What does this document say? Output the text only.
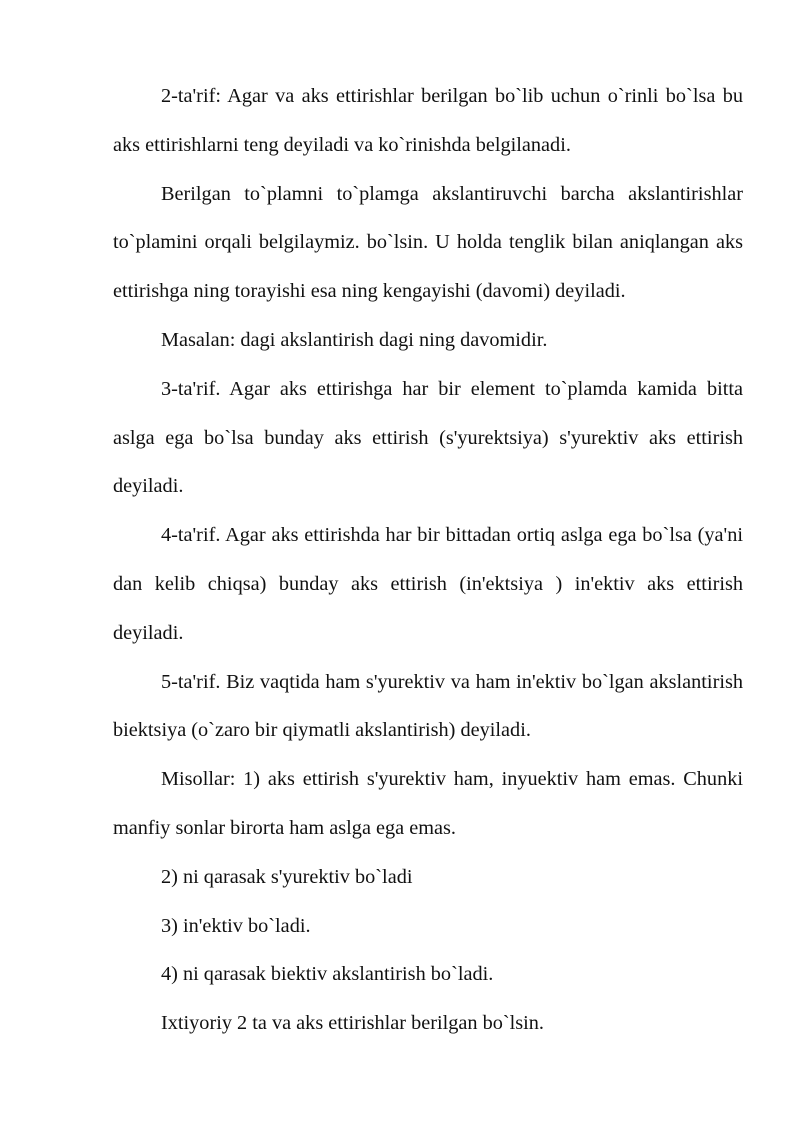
2-ta'rif: Agar va aks ettirishlar berilgan bo`lib uchun o`rinli bo`lsa bu aks ettirishlarni teng deyiladi va ko`rinishda belgilanadi.

Berilgan to`plamni to`plamga akslantiruvchi barcha akslantirishlar to`plamini orqali belgilaymiz. bo`lsin. U holda tenglik bilan aniqlangan aks ettirishga ning torayishi esa ning kengayishi (davomi) deyiladi.

Masalan: dagi akslantirish dagi ning davomidir.

3-ta'rif. Agar aks ettirishga har bir element to`plamda kamida bitta aslga ega bo`lsa bunday aks ettirish (s'yurektsiya) s'yurektiv aks ettirish deyiladi.

4-ta'rif. Agar aks ettirishda har bir bittadan ortiq aslga ega bo`lsa (ya'ni dan kelib chiqsa) bunday aks ettirish (in'ektsiya ) in'ektiv aks ettirish deyiladi.

5-ta'rif. Biz vaqtida ham s'yurektiv va ham in'ektiv bo`lgan akslantirish biektsiya (o`zaro bir qiymatli akslantirish) deyiladi.

Misollar: 1) aks ettirish s'yurektiv ham, inyuektiv ham emas. Chunki manfiy sonlar birorta ham aslga ega emas.

2) ni qarasak s'yurektiv bo`ladi

3) in'ektiv bo`ladi.

4) ni qarasak biektiv akslantirish bo`ladi.

Ixtiyoriy 2 ta va aks ettirishlar berilgan bo`lsin.
